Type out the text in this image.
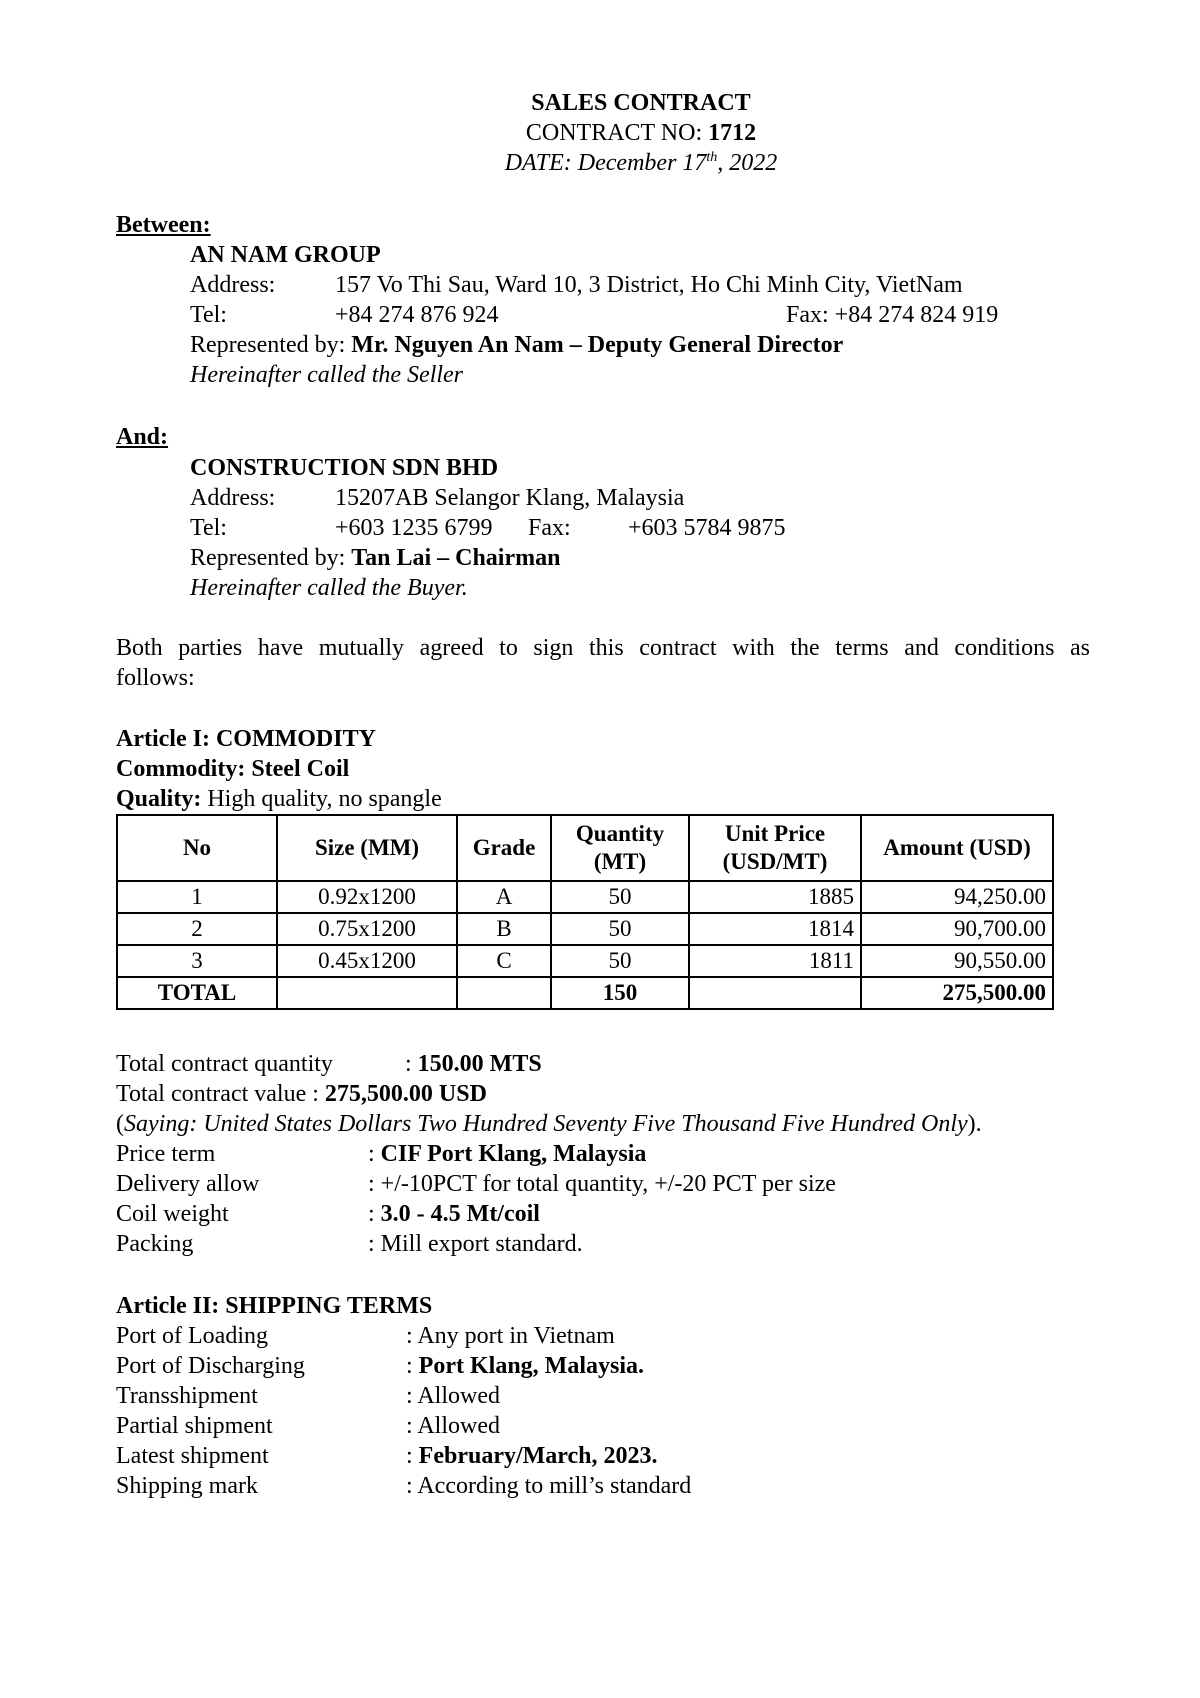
SALES CONTRACT
CONTRACT NO: 1712
DATE: December 17th, 2022
Between:
AN NAM GROUP
Address: 157 Vo Thi Sau, Ward 10, 3 District, Ho Chi Minh City, VietNam
Tel:	+84 274 876 924	Fax: +84 274 824 919
Represented by: Mr. Nguyen An Nam – Deputy General Director
Hereinafter called the Seller
And:
CONSTRUCTION SDN BHD
Address: 15207AB Selangor Klang, Malaysia
Tel:	+603 1235 6799 Fax: +603 5784 9875
Represented by: Tan Lai – Chairman
Hereinafter called the Buyer.
Both parties have mutually agreed to sign this contract with the terms and conditions as
follows:
Article I: COMMODITY
Commodity: Steel Coil
Quality: High quality, no spangle
No	Size (MM)	Grade	Quantity (MT)	Unit Price (USD/MT)	Amount (USD)
1	0.92x1200	A	50	1885	94,250.00
2	0.75x1200	B	50	1814	90,700.00
3	0.45x1200	C	50	1811	90,550.00
TOTAL			150		275,500.00
Total contract quantity	: 150.00 MTS
Total contract value : 275,500.00 USD
(Saying: United States Dollars Two Hundred Seventy Five Thousand Five Hundred Only).
Price term	: CIF Port Klang, Malaysia
Delivery allow	: +/-10PCT for total quantity, +/-20 PCT per size
Coil weight	: 3.0 - 4.5 Mt/coil
Packing	: Mill export standard.
Article II: SHIPPING TERMS
Port of Loading	: Any port in Vietnam
Port of Discharging	: Port Klang, Malaysia.
Transshipment	: Allowed
Partial shipment	: Allowed
Latest shipment	: February/March, 2023.
Shipping mark	: According to mill’s standard
